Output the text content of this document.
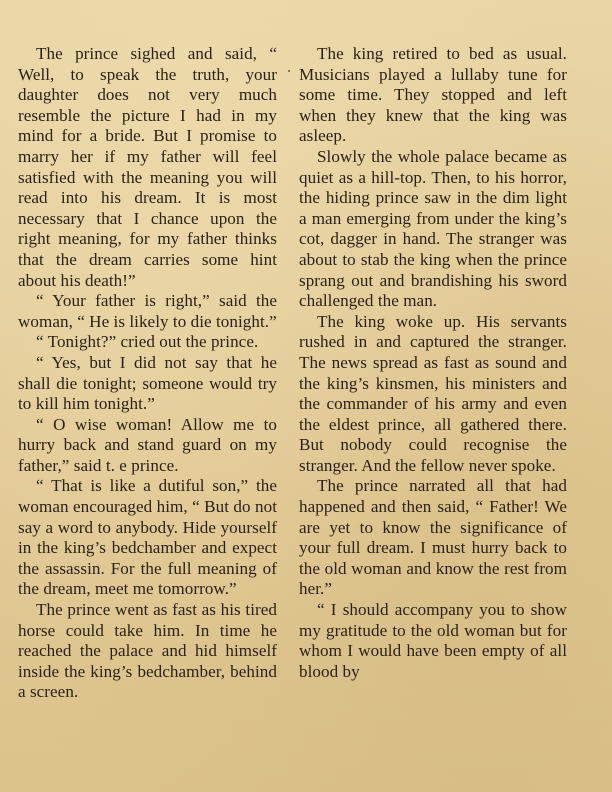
The prince sighed and said, “ Well, to speak the truth, your daughter does not very much resemble the picture I had in my mind for a bride. But I promise to marry her if my father will feel satisfied with the meaning you will read into his dream. It is most necessary that I chance upon the right meaning, for my father thinks that the dream carries some hint about his death!”

“ Your father is right,” said the woman, “ He is likely to die tonight.”

“ Tonight?” cried out the prince.

“ Yes, but I did not say that he shall die tonight; someone would try to kill him tonight.”

“ O wise woman! Allow me to hurry back and stand guard on my father,” said t. e prince.

“ That is like a dutiful son,” the woman encouraged him, “ But do not say a word to anybody. Hide yourself in the king’s bedchamber and expect the assassin. For the full meaning of the dream, meet me tomorrow.”

The prince went as fast as his tired horse could take him. In time he reached the palace and hid himself inside the king’s bedchamber, behind a screen.

The king retired to bed as usual. Musicians played a lullaby tune for some time. They stopped and left when they knew that the king was asleep.

Slowly the whole palace became as quiet as a hill-top. Then, to his horror, the hiding prince saw in the dim light a man emerging from under the king’s cot, dagger in hand. The stranger was about to stab the king when the prince sprang out and brandishing his sword challenged the man.

The king woke up. His servants rushed in and captured the stranger. The news spread as fast as sound and the king’s kinsmen, his ministers and the commander of his army and even the eldest prince, all gathered there. But nobody could recognise the stranger. And the fellow never spoke.

The prince narrated all that had happened and then said, “ Father! We are yet to know the significance of your full dream. I must hurry back to the old woman and know the rest from her.”

“ I should accompany you to show my gratitude to the old woman but for whom I would have been empty of all blood by
